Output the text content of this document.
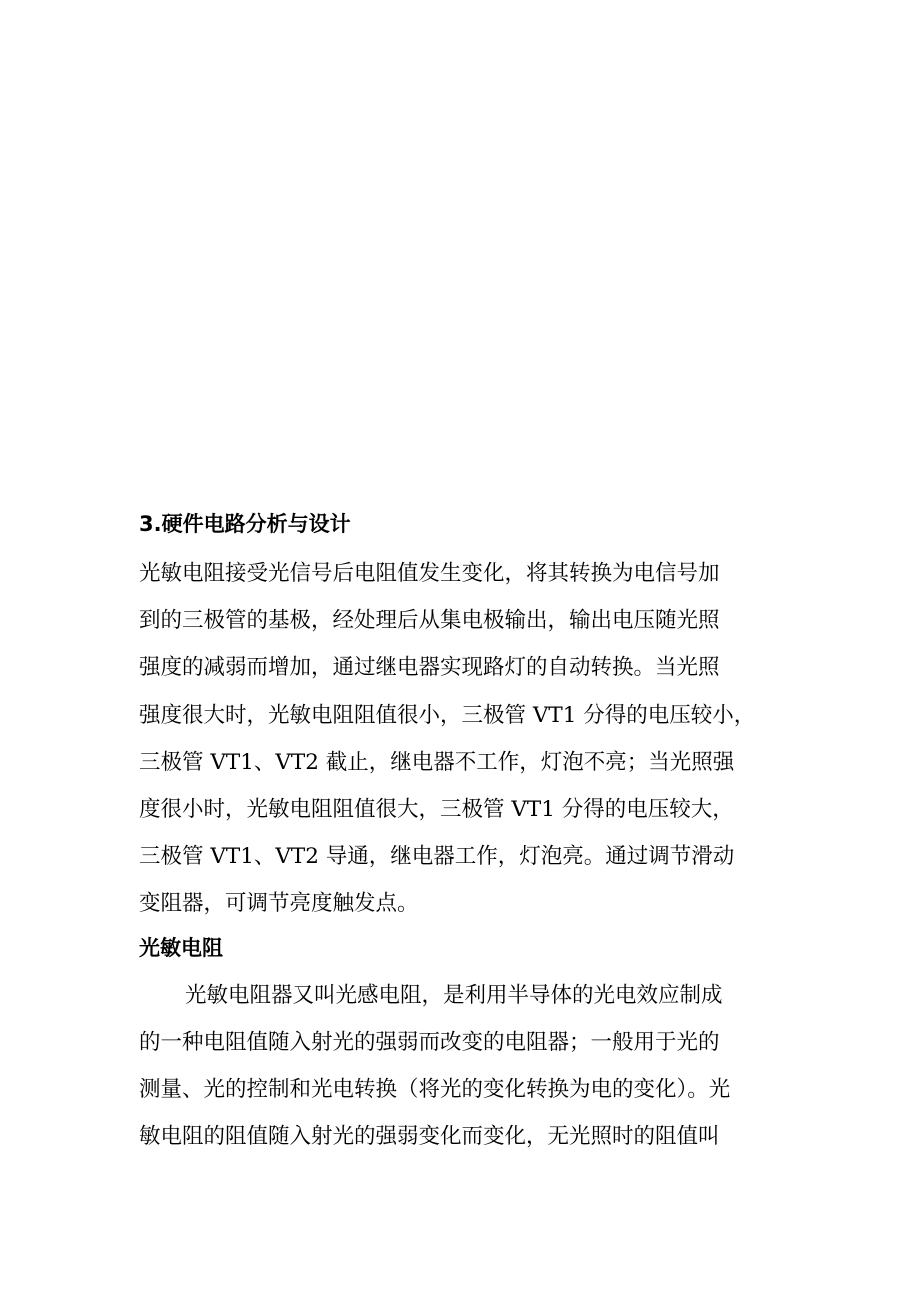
3.硬件电路分析与设计
光敏电阻接受光信号后电阻值发生变化，将其转换为电信号加
到的三极管的基极，经处理后从集电极输出，输出电压随光照
强度的减弱而增加，通过继电器实现路灯的自动转换。当光照
强度很大时，光敏电阻阻值很小，三极管 VT1 分得的电压较小，
三极管 VT1、VT2 截止，继电器不工作，灯泡不亮；当光照强
度很小时，光敏电阻阻值很大，三极管 VT1 分得的电压较大，
三极管 VT1、VT2 导通，继电器工作，灯泡亮。通过调节滑动
变阻器，可调节亮度触发点。
光敏电阻
光敏电阻器又叫光感电阻，是利用半导体的光电效应制成
的一种电阻值随入射光的强弱而改变的电阻器；一般用于光的
测量、光的控制和光电转换（将光的变化转换为电的变化）。光
敏电阻的阻值随入射光的强弱变化而变化，无光照时的阻值叫
